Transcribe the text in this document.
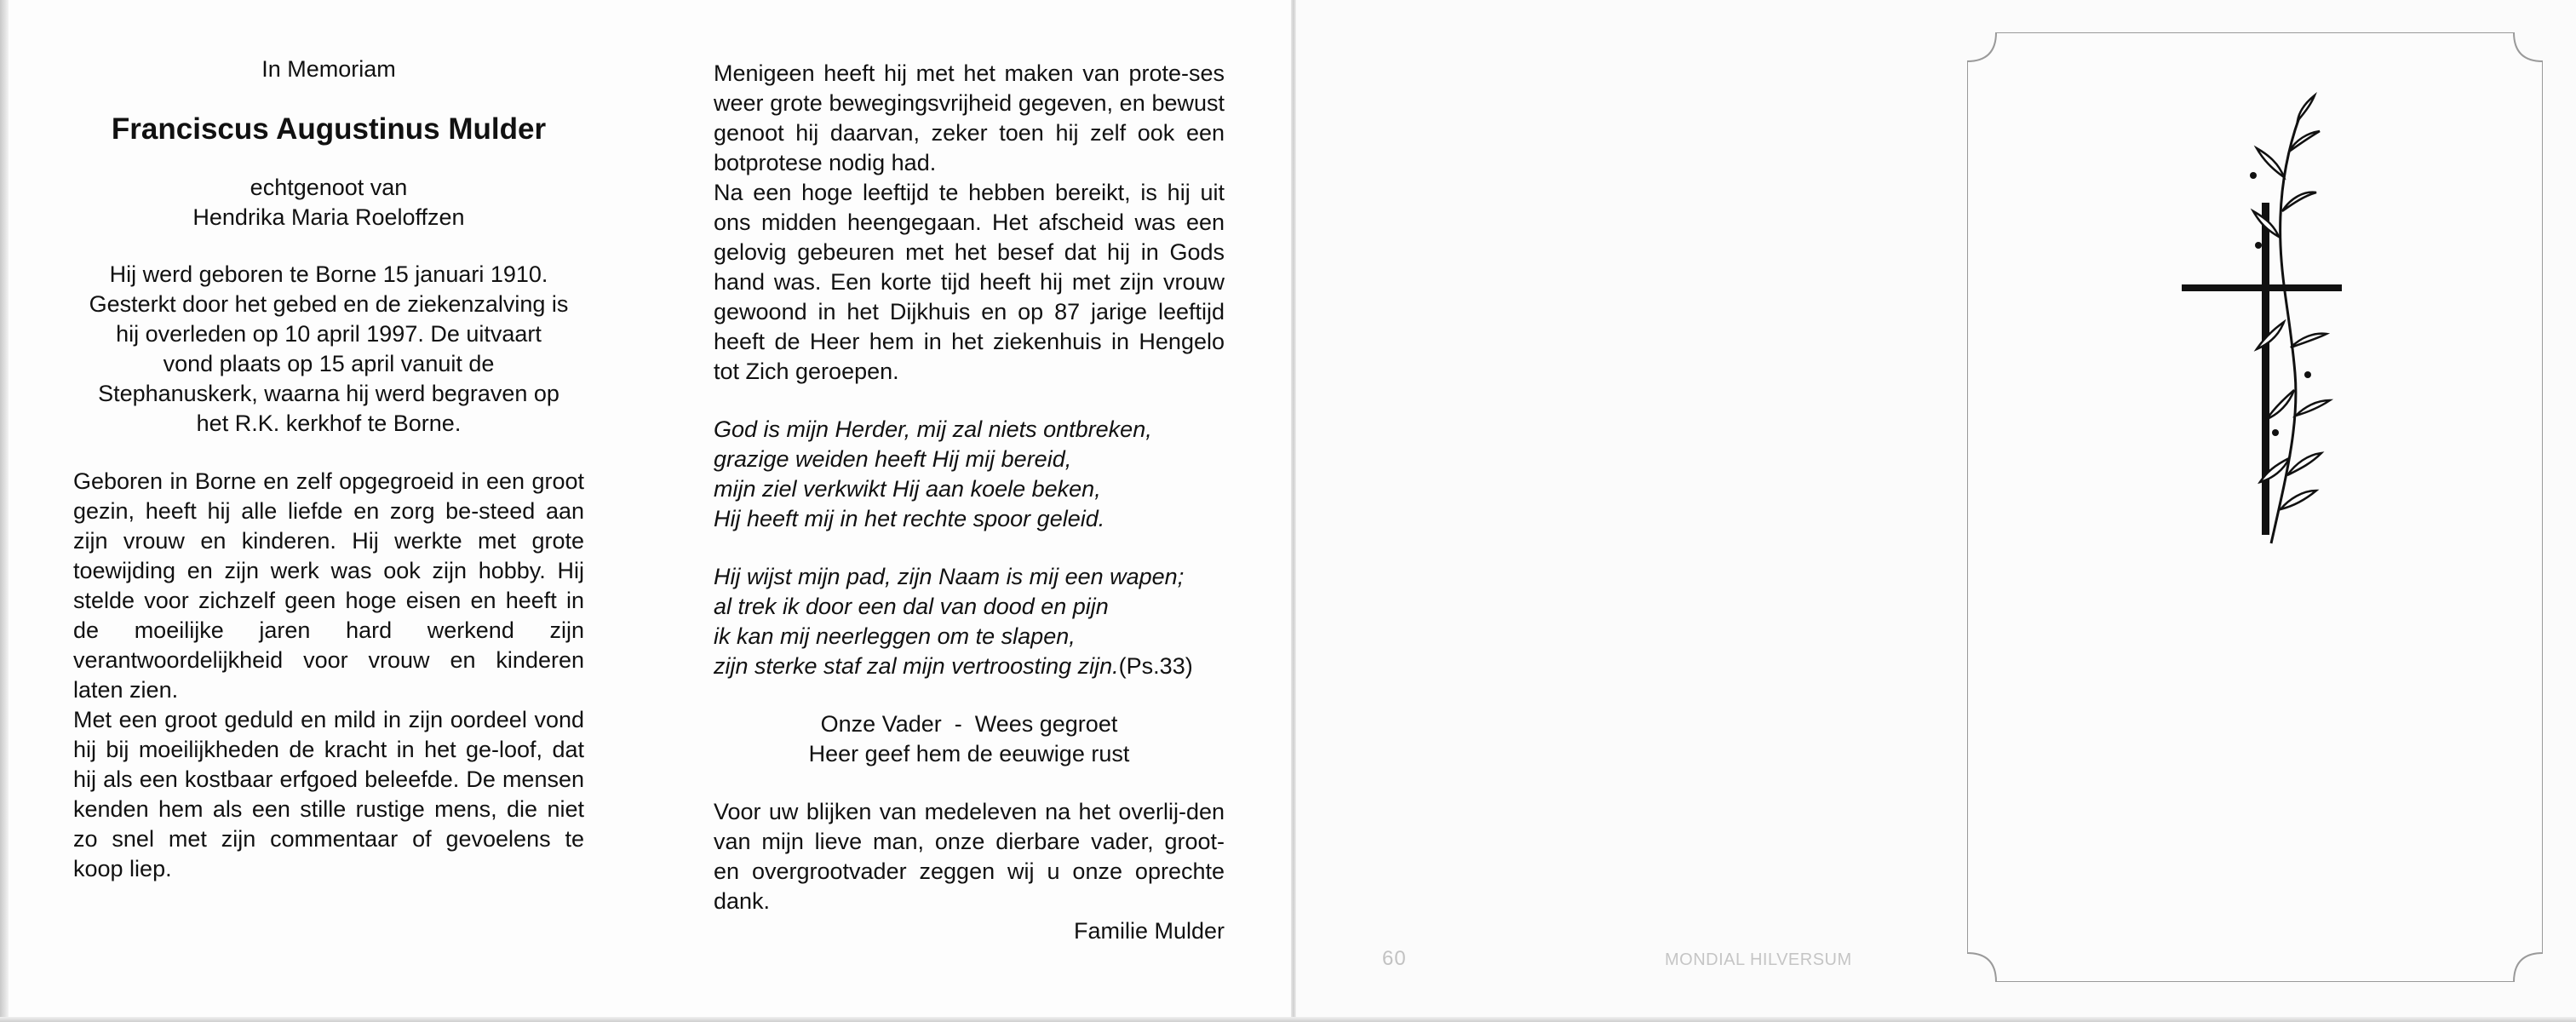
In Memoriam

Franciscus Augustinus Mulder

echtgenoot van
Hendrika Maria Roeloffzen
Hij werd geboren te Borne 15 januari 1910.
Gesterkt door het gebed en de ziekenzalving is
hij overleden op 10 april 1997. De uitvaart
vond plaats op 15 april vanuit de
Stephanuskerk, waarna hij werd begraven op
het R.K. kerkhof te Borne.

Geboren in Borne en zelf opgegroeid in een groot gezin, heeft hij alle liefde en zorg be-steed aan zijn vrouw en kinderen. Hij werkte met grote toewijding en zijn werk was ook zijn hobby. Hij stelde voor zichzelf geen hoge eisen en heeft in de moeilijke jaren hard werkend zijn verantwoordelijkheid voor vrouw en kinderen laten zien.

Met een groot geduld en mild in zijn oordeel vond hij bij moeilijkheden de kracht in het ge-loof, dat hij als een kostbaar erfgoed beleefde. De mensen kenden hem als een stille rustige mens, die niet zo snel met zijn commentaar of gevoelens te koop liep.

Menigeen heeft hij met het maken van prote-ses weer grote bewegingsvrijheid gegeven, en bewust genoot hij daarvan, zeker toen hij zelf ook een botprotese nodig had.

Na een hoge leeftijd te hebben bereikt, is hij uit ons midden heengegaan. Het afscheid was een gelovig gebeuren met het besef dat hij in Gods hand was. Een korte tijd heeft hij met zijn vrouw gewoond in het Dijkhuis en op 87 jarige leeftijd heeft de Heer hem in het ziekenhuis in Hengelo tot Zich geroepen.

God is mijn Herder, mij zal niets ontbreken,
grazige weiden heeft Hij mij bereid,
mijn ziel verkwikt Hij aan koele beken,
Hij heeft mij in het rechte spoor geleid.
Hij wijst mijn pad, zijn Naam is mij een wapen;
al trek ik door een dal van dood en pijn
ik kan mij neerleggen om te slapen,
zijn sterke staf zal mijn vertroosting zijn.(Ps.33)
Onze Vader  -  Wees gegroet
Heer geef hem de eeuwige rust

Voor uw blijken van medeleven na het overlij-den van mijn lieve man, onze dierbare vader, groot- en overgrootvader zeggen wij u onze oprechte dank.

Familie Mulder

60	MONDIAL HILVERSUM
